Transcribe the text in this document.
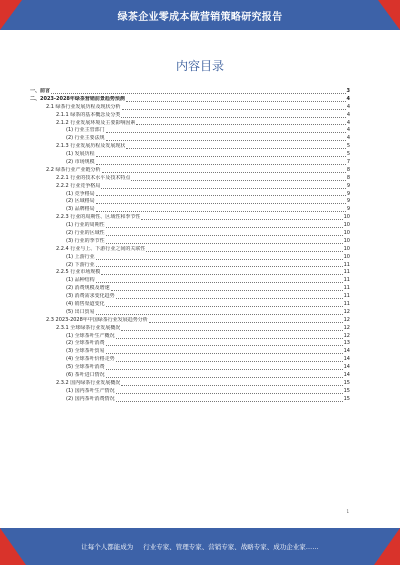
绿茶企业零成本做营销策略研究报告
内容目录
一、前言	3
二、2023-2028年绿茶营销前景趋势预测	4
2.1 绿茶行业发展历程及现状分析	4
2.1.1 绿茶的基本概念及分类	4
2.1.2 行业发展环境及主要影响因素	4
(1) 行业主管部门	4
(2) 行业主要法规	4
2.1.3 行业发展历程及发展现状	5
(1) 发展历程	5
(2) 市场规模	7
2.2 绿茶行业产业链分析	8
2.2.1 行业的技术水平及技术特点	8
2.2.2 行业竞争格局	9
(1) 竞争格局	9
(2) 区域格局	9
(3) 品牌格局	9
2.2.3 行业的周期性、区域性和季节性	10
(1) 行业的周期性	10
(2) 行业的区域性	10
(3) 行业的季节性	10
2.2.4 行业与上、下游行业之间的关联性	10
(1) 上游行业	10
(2) 下游行业	11
2.2.5 行业市场规模	11
(1) 品种结构	11
(2) 消费规模及增速	11
(3) 消费需求变化趋势	11
(4) 销售渠道变化	11
(5) 出口贸易	12
2.3 2023-2028年中国绿茶行业发展趋势分析	12
2.3.1 全球绿茶行业发展概况	12
(1) 全球茶叶生产概况	12
(2) 全球茶叶消费	13
(3) 全球茶叶贸易	14
(4) 全球茶叶价格走势	14
(5) 全球茶叶消费	14
(6) 茶叶进口情况	14
2.3.2 国内绿茶行业发展概况	15
(1) 国内茶叶生产情况	15
(2) 国内茶叶消费情况	15
1
让每个人都能成为 行业专家、管理专家、营销专家、战略专家、成功企业家……
